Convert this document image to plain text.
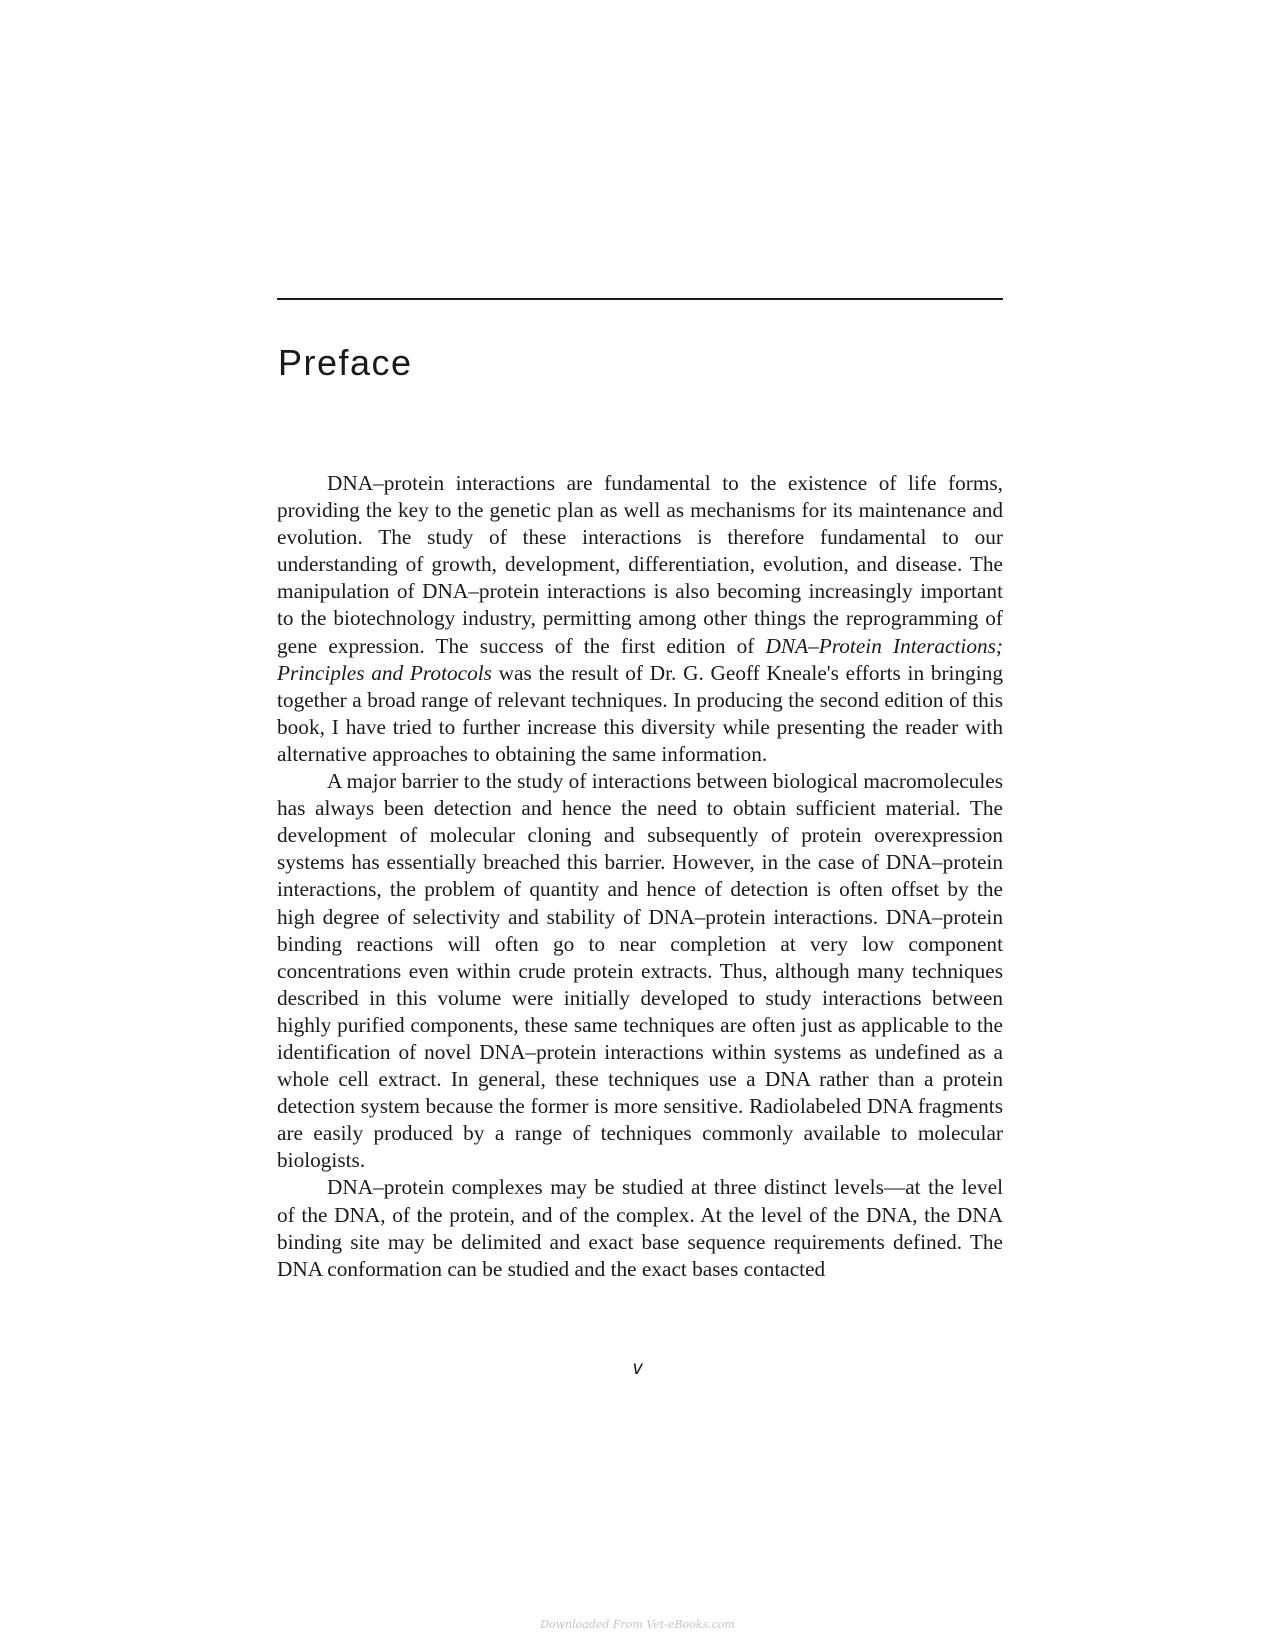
Preface

DNA–protein interactions are fundamental to the existence of life forms, providing the key to the genetic plan as well as mechanisms for its maintenance and evolution. The study of these interactions is therefore fundamental to our understanding of growth, development, differentiation, evolution, and disease. The manipulation of DNA–protein interactions is also becoming increasingly important to the biotechnology industry, permitting among other things the reprogramming of gene expression. The success of the first edition of DNA–Protein Interactions; Principles and Protocols was the result of Dr. G. Geoff Kneale's efforts in bringing together a broad range of relevant techniques. In producing the second edition of this book, I have tried to further increase this diversity while presenting the reader with alternative approaches to obtaining the same information.

A major barrier to the study of interactions between biological macromolecules has always been detection and hence the need to obtain sufficient material. The development of molecular cloning and subsequently of protein overexpression systems has essentially breached this barrier. However, in the case of DNA–protein interactions, the problem of quantity and hence of detection is often offset by the high degree of selectivity and stability of DNA–protein interactions. DNA–protein binding reactions will often go to near completion at very low component concentrations even within crude protein extracts. Thus, although many techniques described in this volume were initially developed to study interactions between highly purified components, these same techniques are often just as applicable to the identification of novel DNA–protein interactions within systems as undefined as a whole cell extract. In general, these techniques use a DNA rather than a protein detection system because the former is more sensitive. Radiolabeled DNA fragments are easily produced by a range of techniques commonly available to molecular biologists.

DNA–protein complexes may be studied at three distinct levels—at the level of the DNA, of the protein, and of the complex. At the level of the DNA, the DNA binding site may be delimited and exact base sequence requirements defined. The DNA conformation can be studied and the exact bases contacted

v
Downloaded From Vet-eBooks.com
